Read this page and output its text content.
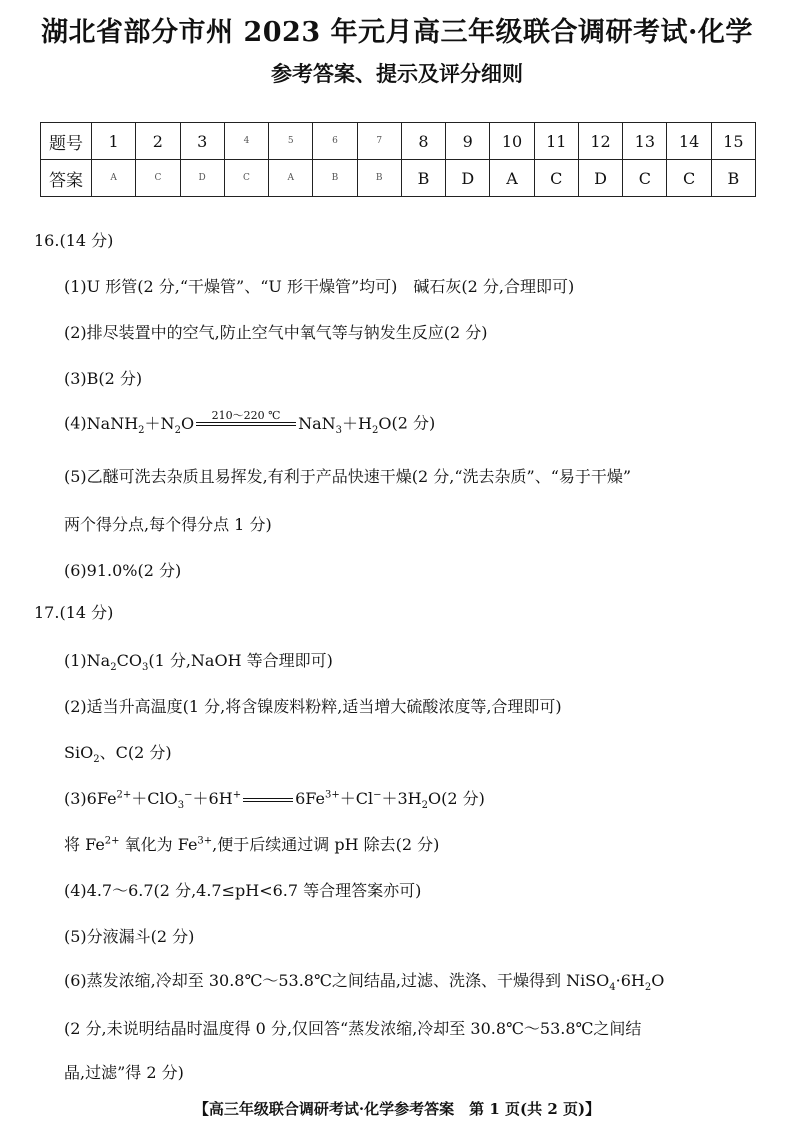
湖北省部分市州 2023 年元月高三年级联合调研考试·化学
参考答案、提示及评分细则
题号	1	2	3	4	5	6	7	8	9	10	11	12	13	14	15
答案	A	C	D	C	A	B	B	B	D	A	C	D	C	C	B
16.(14 分)
(1)U 形管(2 分,“干燥管”、“U 形干燥管”均可)　碱石灰(2 分,合理即可)
(2)排尽装置中的空气,防止空气中氧气等与钠发生反应(2 分)
(3)B(2 分)
$(4)NaNH_2+N_2O$	210～220 ℃
	$NaN_3+H_2O(2$ 分)
(5)乙醚可洗去杂质且易挥发,有利于产品快速干燥(2 分,“洗去杂质”、“易于干燥”
两个得分点,每个得分点 1 分)
(6)91.0%(2 分)
17.(14 分)
$(1)Na_2CO_3(1$ 分,NaOH 等合理即可)
(2)适当升高温度(1 分,将含镍废料粉粹,适当增大硫酸浓度等,合理即可)
SiO$_2$、C(2 分)
$(3)6Fe^{2+}+ClO_3^-+6H^+$	$6Fe^{3+}+Cl^-+3H_2O(2$ 分)
将 $Fe^{2+}$ 氧化为 $Fe^{3+}$,便于后续通过调 pH 除去(2 分)
(4)4.7～6.7(2 分,4.7≤pH<6.7 等合理答案亦可)
(5)分液漏斗(2 分)
(6)蒸发浓缩,冷却至 30.8℃～53.8℃之间结晶,过滤、洗涤、干燥得到 $NiSO_4\cdot 6H_2O$
(2 分,未说明结晶时温度得 0 分,仅回答“蒸发浓缩,冷却至 30.8℃～53.8℃之间结
晶,过滤”得 2 分)
【高三年级联合调研考试·化学参考答案　第 1 页(共 2 页)】
